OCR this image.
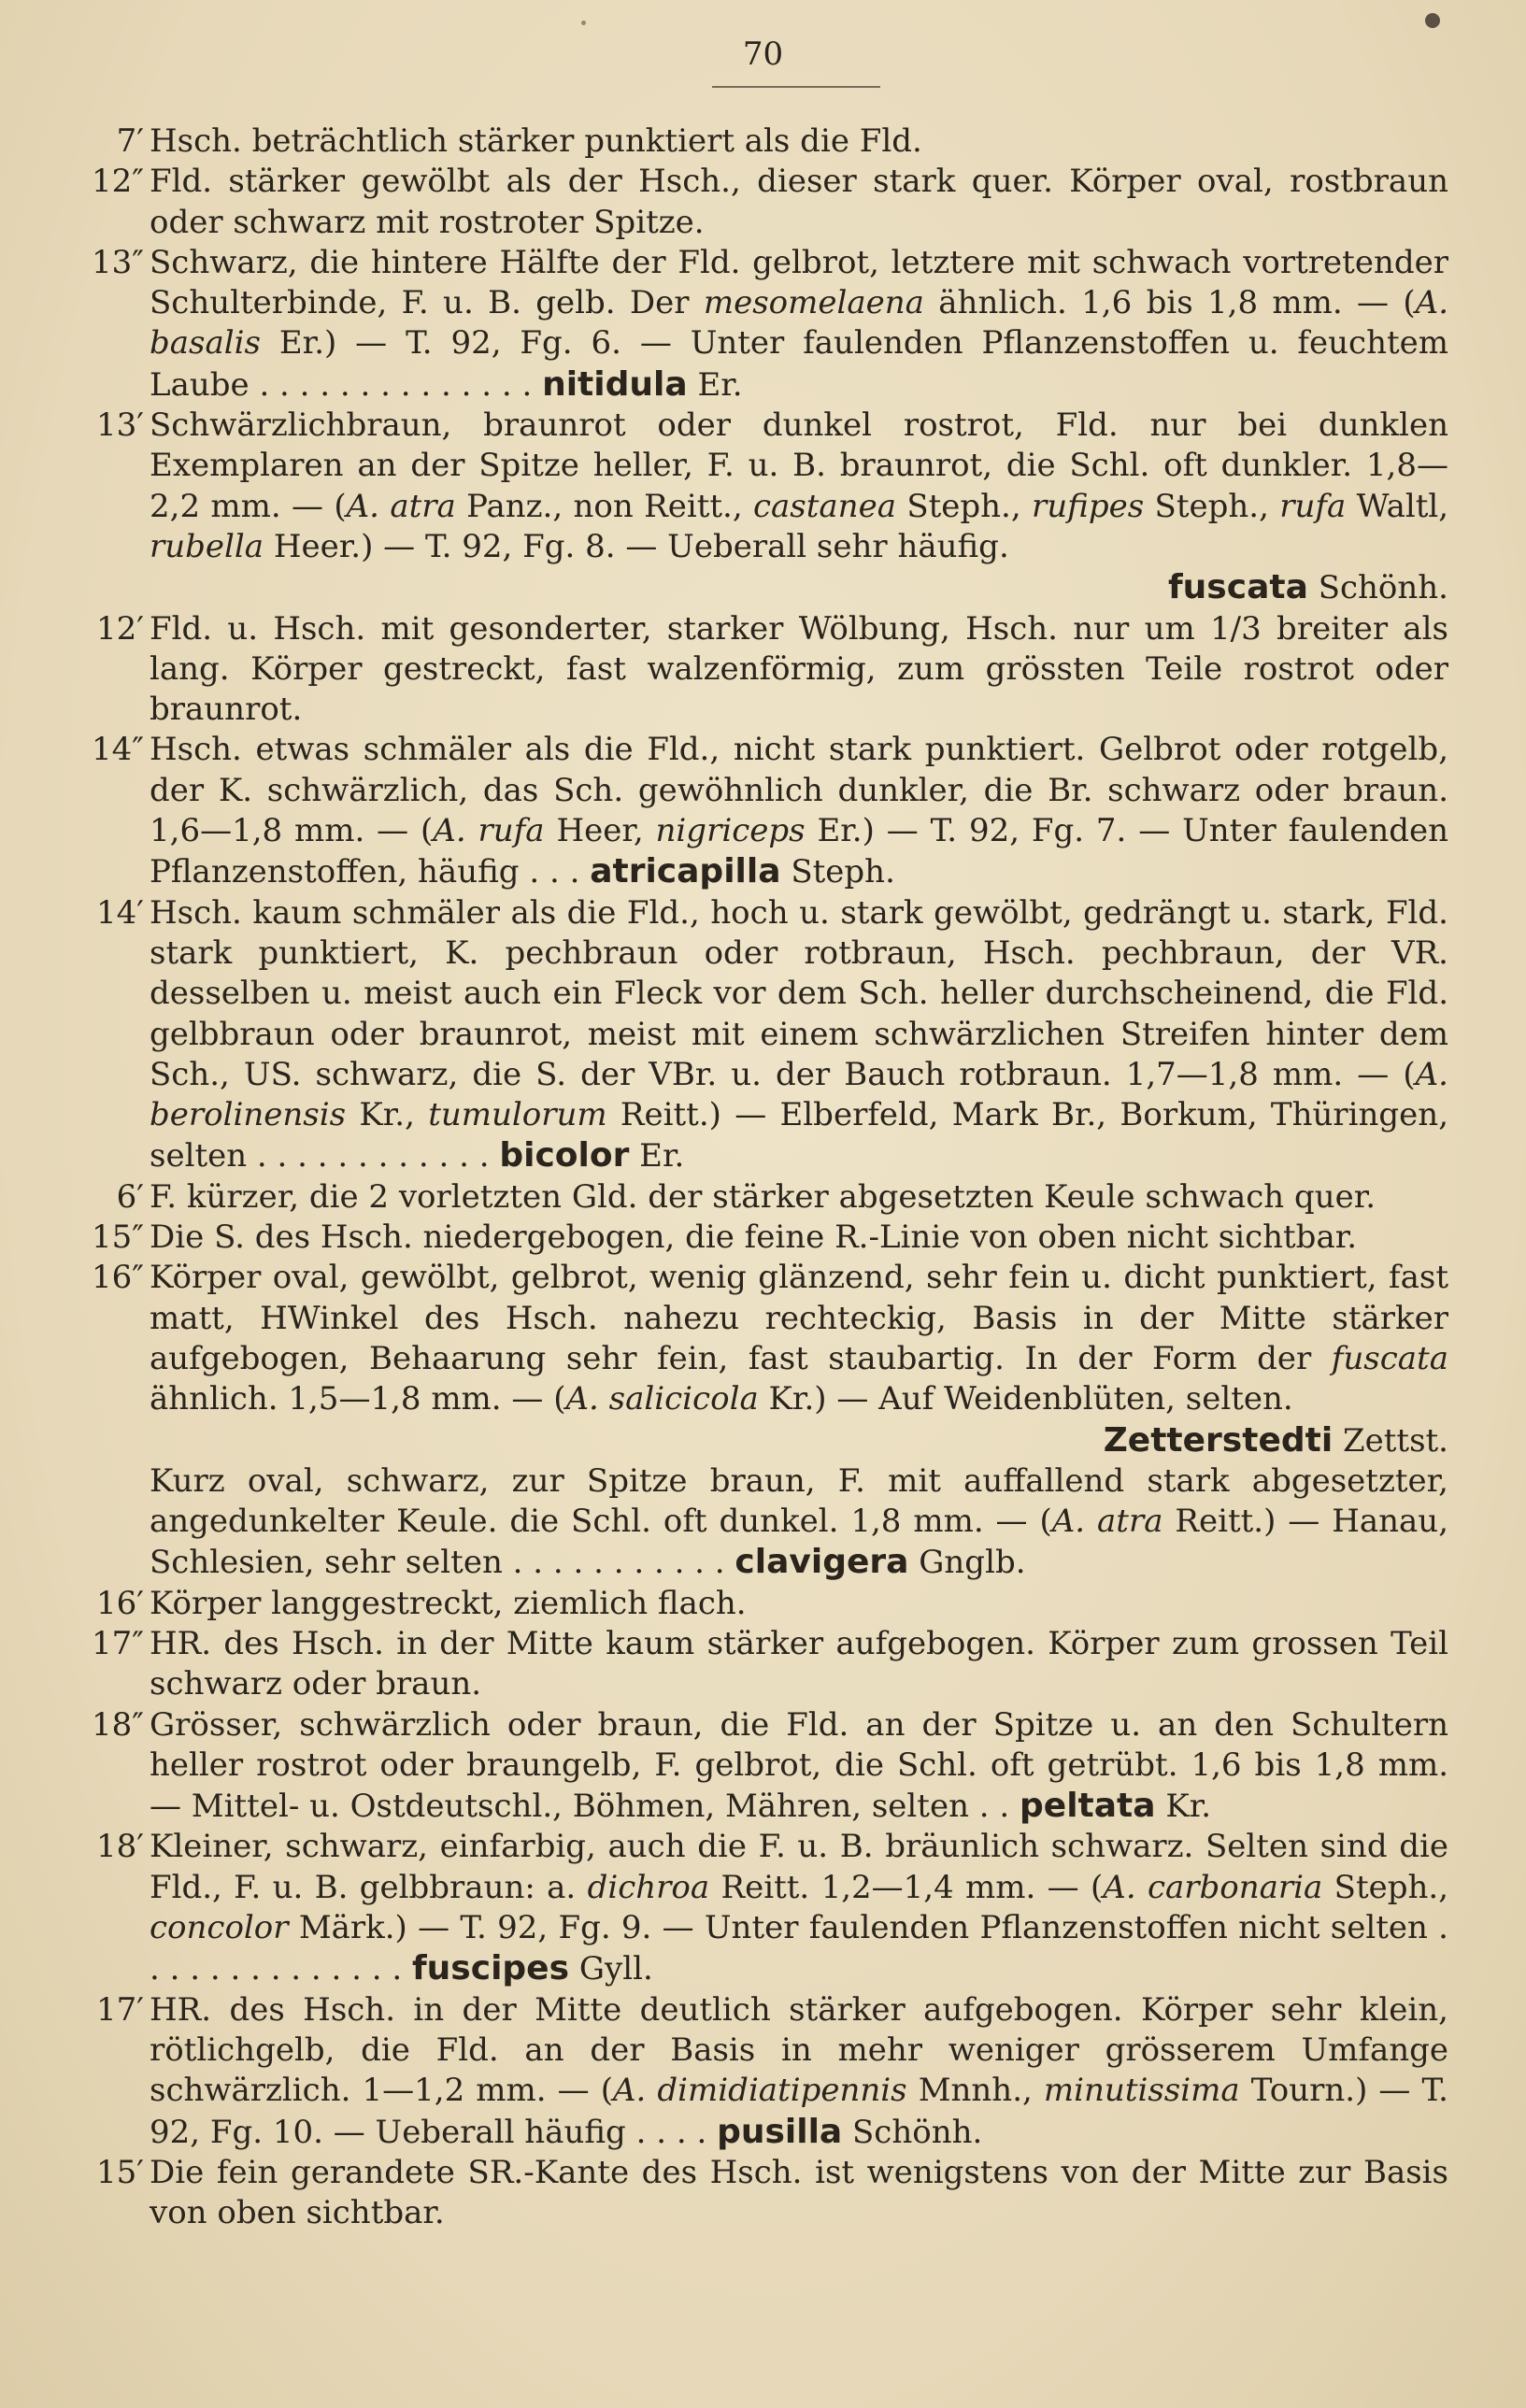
70
7′ Hsch. beträchtlich stärker punktiert als die Fld.
12″ Fld. stärker gewölbt als der Hsch., dieser stark quer. Körper oval, rostbraun oder schwarz mit rostroter Spitze.
13″ Schwarz, die hintere Hälfte der Fld. gelbrot, letztere mit schwach vortretender Schulterbinde, F. u. B. gelb. Der mesomelaena ähnlich. 1,6 bis 1,8 mm. — (A. basalis Er.) — T. 92, Fg. 6. — Unter faulenden Pflanzenstoffen u. feuchtem Laube . . . . . . . . . . . . . . nitidula Er.
13′ Schwärzlichbraun, braunrot oder dunkel rostrot, Fld. nur bei dunklen Exemplaren an der Spitze heller, F. u. B. braunrot, die Schl. oft dunkler. 1,8—2,2 mm. — (A. atra Panz., non Reitt., castanea Steph., rufipes Steph., rufa Waltl, rubella Heer.) — T. 92, Fg. 8. — Ueberall sehr häufig.
fuscata Schönh.
12′ Fld. u. Hsch. mit gesonderter, starker Wölbung, Hsch. nur um 1/3 breiter als lang. Körper gestreckt, fast walzenförmig, zum grössten Teile rostrot oder braunrot.
14″ Hsch. etwas schmäler als die Fld., nicht stark punktiert. Gelbrot oder rotgelb, der K. schwärzlich, das Sch. gewöhnlich dunkler, die Br. schwarz oder braun. 1,6—1,8 mm. — (A. rufa Heer, nigriceps Er.) — T. 92, Fg. 7. — Unter faulenden Pflanzenstoffen, häufig . . . atricapilla Steph.
14′ Hsch. kaum schmäler als die Fld., hoch u. stark gewölbt, gedrängt u. stark, Fld. stark punktiert, K. pechbraun oder rotbraun, Hsch. pechbraun, der VR. desselben u. meist auch ein Fleck vor dem Sch. heller durchscheinend, die Fld. gelbbraun oder braunrot, meist mit einem schwärzlichen Streifen hinter dem Sch., US. schwarz, die S. der VBr. u. der Bauch rotbraun. 1,7—1,8 mm. — (A. berolinensis Kr., tumulorum Reitt.) — Elberfeld, Mark Br., Borkum, Thüringen, selten . . . . . . . . . . . . bicolor Er.
6′ F. kürzer, die 2 vorletzten Gld. der stärker abgesetzten Keule schwach quer.
15″ Die S. des Hsch. niedergebogen, die feine R.-Linie von oben nicht sichtbar.
16″ Körper oval, gewölbt, gelbrot, wenig glänzend, sehr fein u. dicht punktiert, fast matt, HWinkel des Hsch. nahezu rechteckig, Basis in der Mitte stärker aufgebogen, Behaarung sehr fein, fast staubartig. In der Form der fuscata ähnlich. 1,5—1,8 mm. — (A. salicicola Kr.) — Auf Weidenblüten, selten.
Zetterstedti Zettst.
Kurz oval, schwarz, zur Spitze braun, F. mit auffallend stark abgesetzter, angedunkelter Keule. die Schl. oft dunkel. 1,8 mm. — (A. atra Reitt.) — Hanau, Schlesien, sehr selten . . . . . . . . . . . clavigera Gnglb.
16′ Körper langgestreckt, ziemlich flach.
17″ HR. des Hsch. in der Mitte kaum stärker aufgebogen. Körper zum grossen Teil schwarz oder braun.
18″ Grösser, schwärzlich oder braun, die Fld. an der Spitze u. an den Schultern heller rostrot oder braungelb, F. gelbrot, die Schl. oft getrübt. 1,6 bis 1,8 mm. — Mittel- u. Ostdeutschl., Böhmen, Mähren, selten . . peltata Kr.
18′ Kleiner, schwarz, einfarbig, auch die F. u. B. bräunlich schwarz. Selten sind die Fld., F. u. B. gelbbraun: a. dichroa Reitt. 1,2—1,4 mm. — (A. carbonaria Steph., concolor Märk.) — T. 92, Fg. 9. — Unter faulenden Pflanzenstoffen nicht selten . . . . . . . . . . . . . . fuscipes Gyll.
17′ HR. des Hsch. in der Mitte deutlich stärker aufgebogen. Körper sehr klein, rötlichgelb, die Fld. an der Basis in mehr weniger grösserem Umfange schwärzlich. 1—1,2 mm. — (A. dimidiatipennis Mnnh., minutissima Tourn.) — T. 92, Fg. 10. — Ueberall häufig . . . . pusilla Schönh.
15′ Die fein gerandete SR.-Kante des Hsch. ist wenigstens von der Mitte zur Basis von oben sichtbar.
